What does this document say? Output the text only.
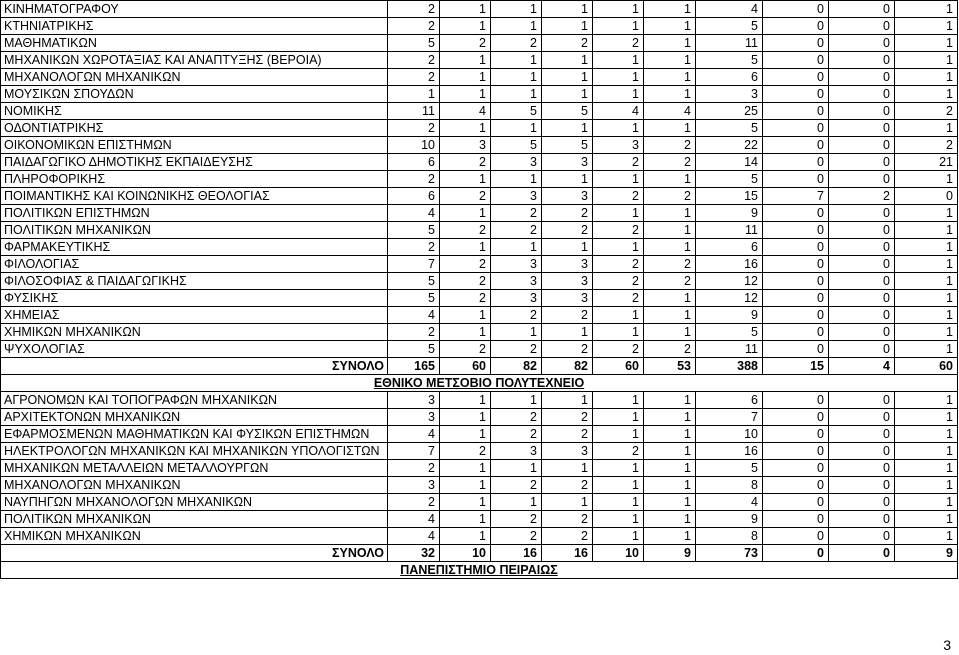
ΚΙΝΗΜΑΤΟΓΡΑΦΟΥ	2	1	1	1	1	1	4	0	0	1
ΚΤΗΝΙΑΤΡΙΚΗΣ	2	1	1	1	1	1	5	0	0	1
ΜΑΘΗΜΑΤΙΚΩΝ	5	2	2	2	2	1	11	0	0	1
ΜΗΧΑΝΙΚΩΝ ΧΩΡΟΤΑΞΙΑΣ ΚΑΙ ΑΝΑΠΤΥΞΗΣ (ΒΕΡΟΙΑ)	2	1	1	1	1	1	5	0	0	1
ΜΗΧΑΝΟΛΟΓΩΝ ΜΗΧΑΝΙΚΩΝ	2	1	1	1	1	1	6	0	0	1
ΜΟΥΣΙΚΩΝ ΣΠΟΥΔΩΝ	1	1	1	1	1	1	3	0	0	1
ΝΟΜΙΚΗΣ	11	4	5	5	4	4	25	0	0	2
ΟΔΟΝΤΙΑΤΡΙΚΗΣ	2	1	1	1	1	1	5	0	0	1
ΟΙΚΟΝΟΜΙΚΩΝ ΕΠΙΣΤΗΜΩΝ	10	3	5	5	3	2	22	0	0	2
ΠΑΙΔΑΓΩΓΙΚΟ ΔΗΜΟΤΙΚΗΣ ΕΚΠΑΙΔΕΥΣΗΣ	6	2	3	3	2	2	14	0	0	21
ΠΛΗΡΟΦΟΡΙΚΗΣ	2	1	1	1	1	1	5	0	0	1
ΠΟΙΜΑΝΤΙΚΗΣ ΚΑΙ ΚΟΙΝΩΝΙΚΗΣ ΘΕΟΛΟΓΙΑΣ	6	2	3	3	2	2	15	7	2	0
ΠΟΛΙΤΙΚΩΝ ΕΠΙΣΤΗΜΩΝ	4	1	2	2	1	1	9	0	0	1
ΠΟΛΙΤΙΚΩΝ ΜΗΧΑΝΙΚΩΝ	5	2	2	2	2	1	11	0	0	1
ΦΑΡΜΑΚΕΥΤΙΚΗΣ	2	1	1	1	1	1	6	0	0	1
ΦΙΛΟΛΟΓΙΑΣ	7	2	3	3	2	2	16	0	0	1
ΦΙΛΟΣΟΦΙΑΣ & ΠΑΙΔΑΓΩΓΙΚΗΣ	5	2	3	3	2	2	12	0	0	1
ΦΥΣΙΚΗΣ	5	2	3	3	2	1	12	0	0	1
ΧΗΜΕΙΑΣ	4	1	2	2	1	1	9	0	0	1
ΧΗΜΙΚΩΝ ΜΗΧΑΝΙΚΩΝ	2	1	1	1	1	1	5	0	0	1
ΨΥΧΟΛΟΓΙΑΣ	5	2	2	2	2	2	11	0	0	1
ΣΥΝΟΛΟ	165	60	82	82	60	53	388	15	4	60
ΕΘΝΙΚΟ ΜΕΤΣΟΒΙΟ ΠΟΛΥΤΕΧΝΕΙΟ										
ΑΓΡΟΝΟΜΩΝ ΚΑΙ ΤΟΠΟΓΡΑΦΩΝ ΜΗΧΑΝΙΚΩΝ	3	1	1	1	1	1	6	0	0	1
ΑΡΧΙΤΕΚΤΟΝΩΝ ΜΗΧΑΝΙΚΩΝ	3	1	2	2	1	1	7	0	0	1
ΕΦΑΡΜΟΣΜΕΝΩΝ ΜΑΘΗΜΑΤΙΚΩΝ ΚΑΙ ΦΥΣΙΚΩΝ ΕΠΙΣΤΗΜΩΝ	4	1	2	2	1	1	10	0	0	1
ΗΛΕΚΤΡΟΛΟΓΩΝ ΜΗΧΑΝΙΚΩΝ ΚΑΙ ΜΗΧΑΝΙΚΩΝ ΥΠΟΛΟΓΙΣΤΩΝ	7	2	3	3	2	1	16	0	0	1
ΜΗΧΑΝΙΚΩΝ ΜΕΤΑΛΛΕΙΩΝ ΜΕΤΑΛΛΟΥΡΓΩΝ	2	1	1	1	1	1	5	0	0	1
ΜΗΧΑΝΟΛΟΓΩΝ ΜΗΧΑΝΙΚΩΝ	3	1	2	2	1	1	8	0	0	1
ΝΑΥΠΗΓΩΝ ΜΗΧΑΝΟΛΟΓΩΝ ΜΗΧΑΝΙΚΩΝ	2	1	1	1	1	1	4	0	0	1
ΠΟΛΙΤΙΚΩΝ ΜΗΧΑΝΙΚΩΝ	4	1	2	2	1	1	9	0	0	1
ΧΗΜΙΚΩΝ ΜΗΧΑΝΙΚΩΝ	4	1	2	2	1	1	8	0	0	1
ΣΥΝΟΛΟ	32	10	16	16	10	9	73	0	0	9
ΠΑΝΕΠΙΣΤΗΜΙΟ ΠΕΙΡΑΙΩΣ										
3
